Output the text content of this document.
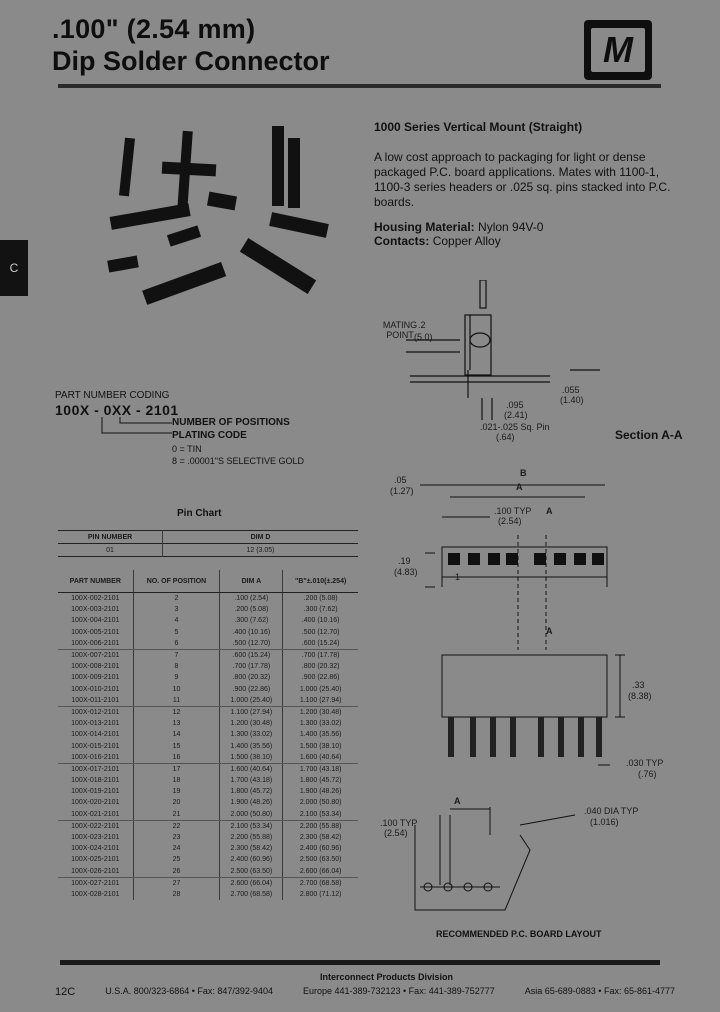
.100" (2.54 mm)
Dip Solder Connector	M
C
1000 Series Vertical Mount (Straight)
A low cost approach to packaging for light or dense packaged P.C. board applications. Mates with 1100-1, 1100-3 series headers or .025 sq. pins stacked into P.C. boards.
Housing Material: Nylon 94V-0
Contacts: Copper Alloy
MATING POINT
.2
(5.0)
.055
(1.40)
.095
(2.41)
.021-.025 Sq. Pin
(.64)	Section A-A
PART NUMBER CODING
100X - 0XX - 2101
NUMBER OF POSITIONS
PLATING CODE
0 = TIN
8 = .00001"S SELECTIVE GOLD
Pin Chart
PIN NUMBER	DIM D
01	12 (3.05)
PART NUMBER	NO. OF POSITION	DIM A	"B"±.010(±.254)
100X-002-2101	2	.100 (2.54)	.200 (5.08)
100X-003-2101	3	.200 (5.08)	.300 (7.62)
100X-004-2101	4	.300 (7.62)	.400 (10.16)
100X-005-2101	5	.400 (10.16)	.500 (12.70)
100X-006-2101	6	.500 (12.70)	.600 (15.24)
100X-007-2101	7	.600 (15.24)	.700 (17.78)
100X-008-2101	8	.700 (17.78)	.800 (20.32)
100X-009-2101	9	.800 (20.32)	.900 (22.86)
100X-010-2101	10	.900 (22.86)	1.000 (25.40)
100X-011-2101	11	1.000 (25.40)	1.100 (27.94)
100X-012-2101	12	1.100 (27.94)	1.200 (30.48)
100X-013-2101	13	1.200 (30.48)	1.300 (33.02)
100X-014-2101	14	1.300 (33.02)	1.400 (35.56)
100X-015-2101	15	1.400 (35.56)	1.500 (38.10)
100X-016-2101	16	1.500 (38.10)	1.600 (40.64)
100X-017-2101	17	1.600 (40.64)	1.700 (43.18)
100X-018-2101	18	1.700 (43.18)	1.800 (45.72)
100X-019-2101	19	1.800 (45.72)	1.900 (48.26)
100X-020-2101	20	1.900 (48.26)	2.000 (50.80)
100X-021-2101	21	2.000 (50.80)	2.100 (53.34)
100X-022-2101	22	2.100 (53.34)	2.200 (55.88)
100X-023-2101	23	2.200 (55.88)	2.300 (58.42)
100X-024-2101	24	2.300 (58.42)	2.400 (60.96)
100X-025-2101	25	2.400 (60.96)	2.500 (63.50)
100X-026-2101	26	2.500 (63.50)	2.600 (66.04)
100X-027-2101	27	2.600 (66.04)	2.700 (68.58)
100X-028-2101	28	2.700 (68.58)	2.800 (71.12)
.05
(1.27)
B
A
.100 TYP
(2.54)
A
A
.19
(4.83)	1
.33
(8.38)
.030 TYP
(.76)
.100 TYP
(2.54)
A
.040 DIA TYP
(1.016)
RECOMMENDED P.C. BOARD LAYOUT
Interconnect Products Division
12C	U.S.A. 800/323-6864 • Fax: 847/392-9404	Europe 441-389-732123 • Fax: 441-389-752777	Asia 65-689-0883 • Fax: 65-861-4777
